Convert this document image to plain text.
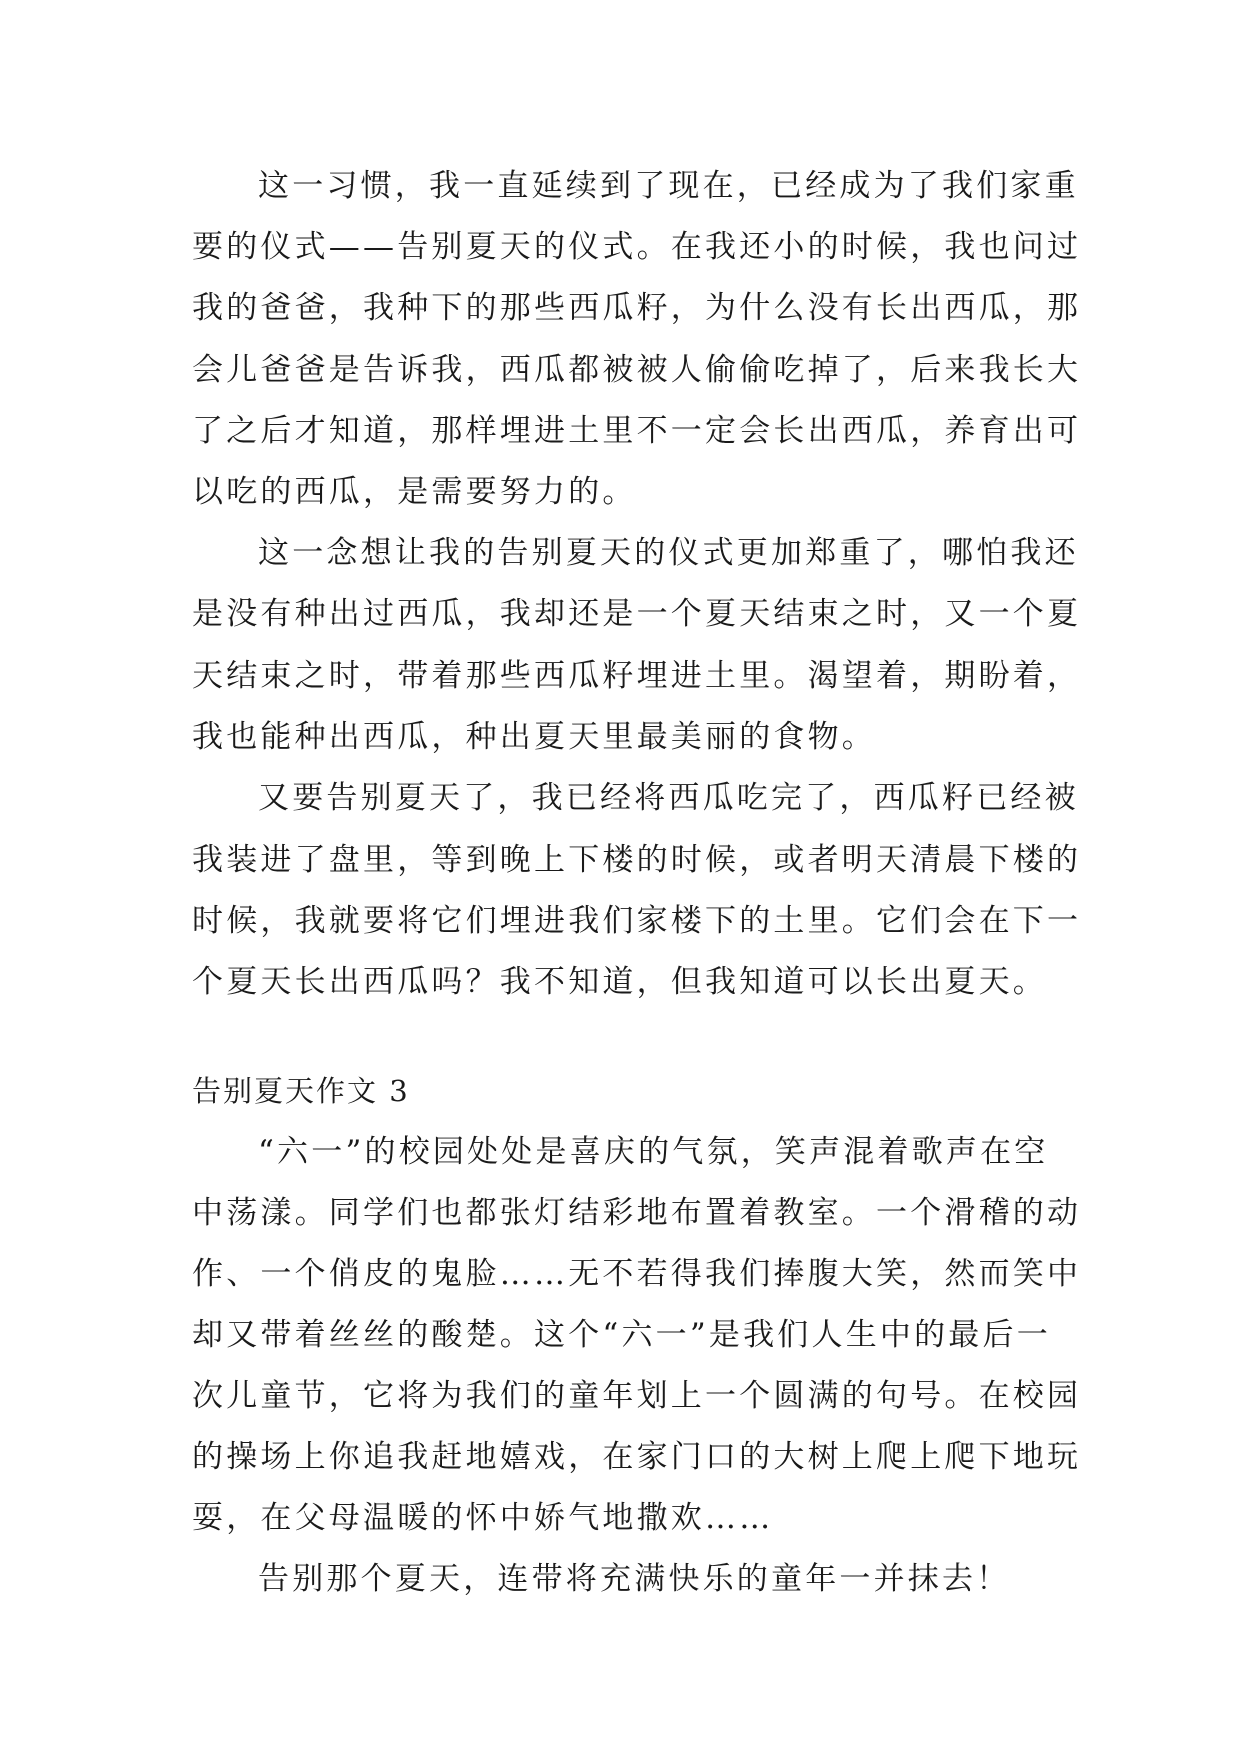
这一习惯，我一直延续到了现在，已经成为了我们家重
要的仪式——告别夏天的仪式。在我还小的时候，我也问过
我的爸爸，我种下的那些西瓜籽，为什么没有长出西瓜，那
会儿爸爸是告诉我，西瓜都被被人偷偷吃掉了，后来我长大
了之后才知道，那样埋进土里不一定会长出西瓜，养育出可
以吃的西瓜，是需要努力的。
这一念想让我的告别夏天的仪式更加郑重了，哪怕我还
是没有种出过西瓜，我却还是一个夏天结束之时，又一个夏
天结束之时，带着那些西瓜籽埋进土里。渴望着，期盼着，
我也能种出西瓜，种出夏天里最美丽的食物。
又要告别夏天了，我已经将西瓜吃完了，西瓜籽已经被
我装进了盘里，等到晚上下楼的时候，或者明天清晨下楼的
时候，我就要将它们埋进我们家楼下的土里。它们会在下一
个夏天长出西瓜吗？我不知道，但我知道可以长出夏天。
告别夏天作文 3
“六一”的校园处处是喜庆的气氛，笑声混着歌声在空
中荡漾。同学们也都张灯结彩地布置着教室。一个滑稽的动
作、一个俏皮的鬼脸……无不若得我们捧腹大笑，然而笑中
却又带着丝丝的酸楚。这个“六一”是我们人生中的最后一
次儿童节，它将为我们的童年划上一个圆满的句号。在校园
的操场上你追我赶地嬉戏，在家门口的大树上爬上爬下地玩
耍，在父母温暖的怀中娇气地撒欢……
告别那个夏天，连带将充满快乐的童年一并抹去！
